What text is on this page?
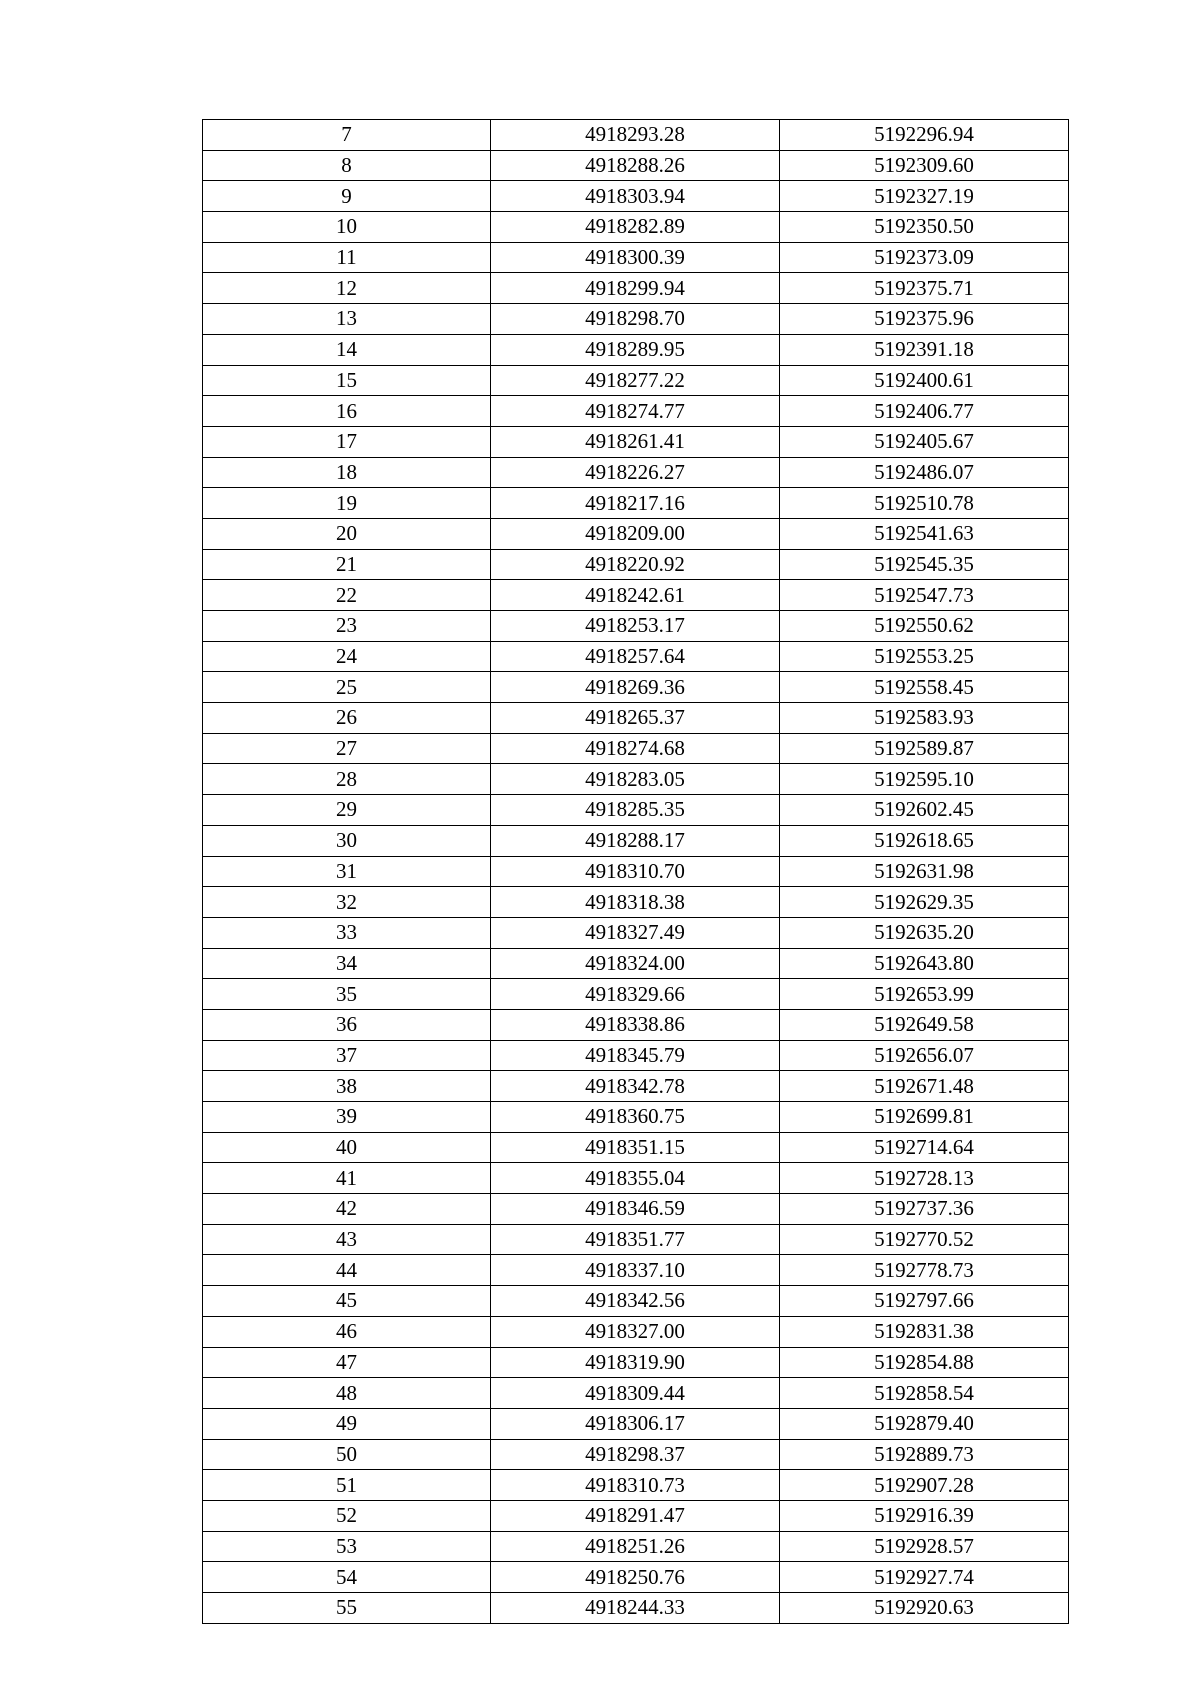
7	4918293.28	5192296.94
8	4918288.26	5192309.60
9	4918303.94	5192327.19
10	4918282.89	5192350.50
11	4918300.39	5192373.09
12	4918299.94	5192375.71
13	4918298.70	5192375.96
14	4918289.95	5192391.18
15	4918277.22	5192400.61
16	4918274.77	5192406.77
17	4918261.41	5192405.67
18	4918226.27	5192486.07
19	4918217.16	5192510.78
20	4918209.00	5192541.63
21	4918220.92	5192545.35
22	4918242.61	5192547.73
23	4918253.17	5192550.62
24	4918257.64	5192553.25
25	4918269.36	5192558.45
26	4918265.37	5192583.93
27	4918274.68	5192589.87
28	4918283.05	5192595.10
29	4918285.35	5192602.45
30	4918288.17	5192618.65
31	4918310.70	5192631.98
32	4918318.38	5192629.35
33	4918327.49	5192635.20
34	4918324.00	5192643.80
35	4918329.66	5192653.99
36	4918338.86	5192649.58
37	4918345.79	5192656.07
38	4918342.78	5192671.48
39	4918360.75	5192699.81
40	4918351.15	5192714.64
41	4918355.04	5192728.13
42	4918346.59	5192737.36
43	4918351.77	5192770.52
44	4918337.10	5192778.73
45	4918342.56	5192797.66
46	4918327.00	5192831.38
47	4918319.90	5192854.88
48	4918309.44	5192858.54
49	4918306.17	5192879.40
50	4918298.37	5192889.73
51	4918310.73	5192907.28
52	4918291.47	5192916.39
53	4918251.26	5192928.57
54	4918250.76	5192927.74
55	4918244.33	5192920.63
